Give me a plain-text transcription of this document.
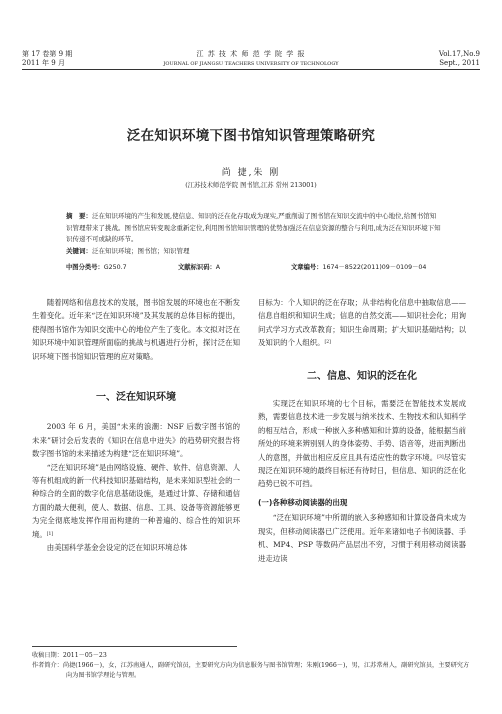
第 17 卷第 9 期
2011 年 9 月
江 苏 技 术 师 范 学 院 学 报
JOURNAL OF JIANGSU TEACHERS UNIVERSITY OF TECHNOLOGY
Vol.17,No.9
Sept., 2011
泛在知识环境下图书馆知识管理策略研究
尚 捷,朱 刚
(江苏技术师范学院 图书馆,江苏 常州 213001)
摘　要：泛在知识环境的产生和发展,使信息、知识的泛在化存取成为现实,严重削弱了图书馆在知识交流中的中心地位,给图书馆知识管理带来了挑战。图书馆应转变观念重新定位,利用图书馆知识管理的优势加强泛在信息资源的整合与利用,成为泛在知识环境下知识传递不可或缺的环节。
关键词：泛在知识环境；图书馆；知识管理
中图分类号：G250.7	文献标识码：A	文章编号：1674－8522(2011)09－0109－04

随着网络和信息技术的发展，图书馆发展的环境也在不断发生着变化。近年来“泛在知识环境”及其发展的总体目标的提出，使得图书馆作为知识交流中心的地位产生了变化。本文拟对泛在知识环境中知识管理所面临的挑战与机遇进行分析，探讨泛在知识环境下图书馆知识管理的应对策略。

一、泛在知识环境

2003 年 6 月，美国“未来的浪潮：NSF 后数字图书馆的未来”研讨会后发表的《知识在信息中迸失》的趋势研究报告将数字图书馆的未来描述为构建“泛在知识环境”。

“泛在知识环境”是由网络设施、硬件、软件、信息资源、人等有机组成的新一代科技知识基础结构，是未来知识型社会的一种综合的全面的数字化信息基础设施，是通过计算、存储和通信方面的最大便利，使人、数据、信息、工具、设备等资源能够更为完全彻底地发挥作用而构建的一种普遍的、综合性的知识环境。[1]

由美国科学基金会设定的泛在知识环境总体

目标为：个人知识的泛在存取；从非结构化信息中抽取信息——信息自组织和知识生成；信息的自然交流——知识社会化；用询问式学习方式改革教育；知识生命周期；扩大知识基础结构；以及知识的个人组织。[2]

二、信息、知识的泛在化

实现泛在知识环境的七个目标，需要泛在智能技术发展成熟，需要信息技术进一步发展与纳米技术、生物技术和认知科学的相互结合，形成一种嵌入多种感知和计算的设备，能根据当前所处的环境来辨别别人的身体姿势、手势、语音等，进而判断出人的意图，并做出相应反应且具有适应性的数字环境。[3]尽管实现泛在知识环境的最终目标还有待时日，但信息、知识的泛在化趋势已锐不可挡。

(一)各种移动阅读器的出现

“泛在知识环境”中所谓的嵌入多种感知和计算设备尚未成为现实，但移动阅读器已广泛使用。近年来诸如电子书阅读器、手机、MP4、PSP 等数码产品层出不穷，习惯于利用移动阅读器进走边读

收稿日期：2011－05－23
作者简介：尚捷(1966－)，女，江苏南通人，副研究馆员，主要研究方向为信息服务与图书馆管理；朱刚(1966－)，男，江苏常州人，副研究馆员，主要研究方向为图书馆学理论与管理。
